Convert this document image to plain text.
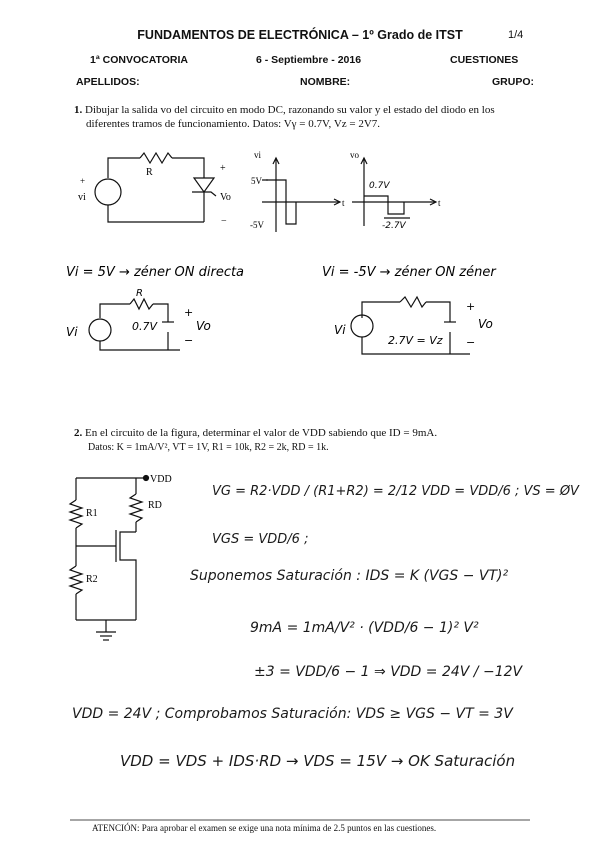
FUNDAMENTOS DE ELECTRÓNICA – 1º Grado de ITST	1/4
1ª CONVOCATORIA	6 - Septiembre - 2016	CUESTIONES
APELLIDOS:	NOMBRE:	GRUPO:
1. Dibujar la salida vo del circuito en modo DC, razonando su valor y el estado del diodo en los
diferentes tramos de funcionamiento. Datos: Vγ = 0.7V, Vz = 2V7.
R
+
vi
+
Vo
−
vi
5V
-5V
t
vo
0.7V
-2.7V
t
Vi = 5V → zéner ON directa	Vi = -5V → zéner ON zéner
R
Vi	0.7V
+
Vo
−
Vi
2.7V = Vz
+
Vo
−
VDD
R1
RD
R2
2. En el circuito de la figura, determinar el valor de VDD sabiendo que ID = 9mA.
Datos: K = 1mA/V², VT = 1V, R1 = 10k, R2 = 2k, RD = 1k.
VG = R2·VDD / (R1+R2) = 2/12 VDD = VDD/6 ; VS = ØV
VGS = VDD/6 ;
Suponemos Saturación : IDS = K (VGS − VT)²
9mA = 1mA/V² · (VDD/6 − 1)² V²
±3 = VDD/6 − 1 ⇒ VDD = 24V / −12V
VDD = 24V ; Comprobamos Saturación: VDS ≥ VGS − VT = 3V
VDD = VDS + IDS·RD → VDS = 15V → OK Saturación
ATENCIÓN: Para aprobar el examen se exige una nota mínima de 2.5 puntos en las cuestiones.
